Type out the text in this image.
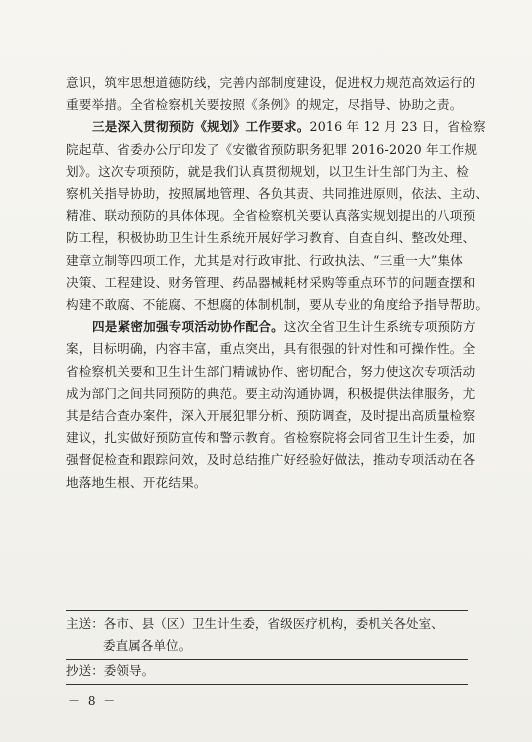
意识，筑牢思想道德防线，完善内部制度建设，促进权力规范高效运行的
重要举措。全省检察机关要按照《条例》的规定，尽指导、协助之责。
三是深入贯彻预防《规划》工作要求。2016 年 12 月 23 日，省检察
院起草、省委办公厅印发了《安徽省预防职务犯罪 2016-2020 年工作规
划》。这次专项预防，就是我们认真贯彻规划，以卫生计生部门为主、检
察机关指导协助，按照属地管理、各负其责、共同推进原则，依法、主动、
精准、联动预防的具体体现。全省检察机关要认真落实规划提出的八项预
防工程，积极协助卫生计生系统开展好学习教育、自查自纠、整改处理、
建章立制等四项工作，尤其是对行政审批、行政执法、“三重一大”集体
决策、工程建设、财务管理、药品器械耗材采购等重点环节的问题查摆和
构建不敢腐、不能腐、不想腐的体制机制，要从专业的角度给予指导帮助。
四是紧密加强专项活动协作配合。这次全省卫生计生系统专项预防方
案，目标明确，内容丰富，重点突出，具有很强的针对性和可操作性。全
省检察机关要和卫生计生部门精诚协作、密切配合，努力使这次专项活动
成为部门之间共同预防的典范。要主动沟通协调，积极提供法律服务，尤
其是结合查办案件，深入开展犯罪分析、预防调查，及时提出高质量检察
建议，扎实做好预防宣传和警示教育。省检察院将会同省卫生计生委，加
强督促检查和跟踪问效，及时总结推广好经验好做法，推动专项活动在各
地落地生根、开花结果。
主送：各市、县（区）卫生计生委，省级医疗机构，委机关各处室、
委直属各单位。
抄送：委领导。
－ 8 －
